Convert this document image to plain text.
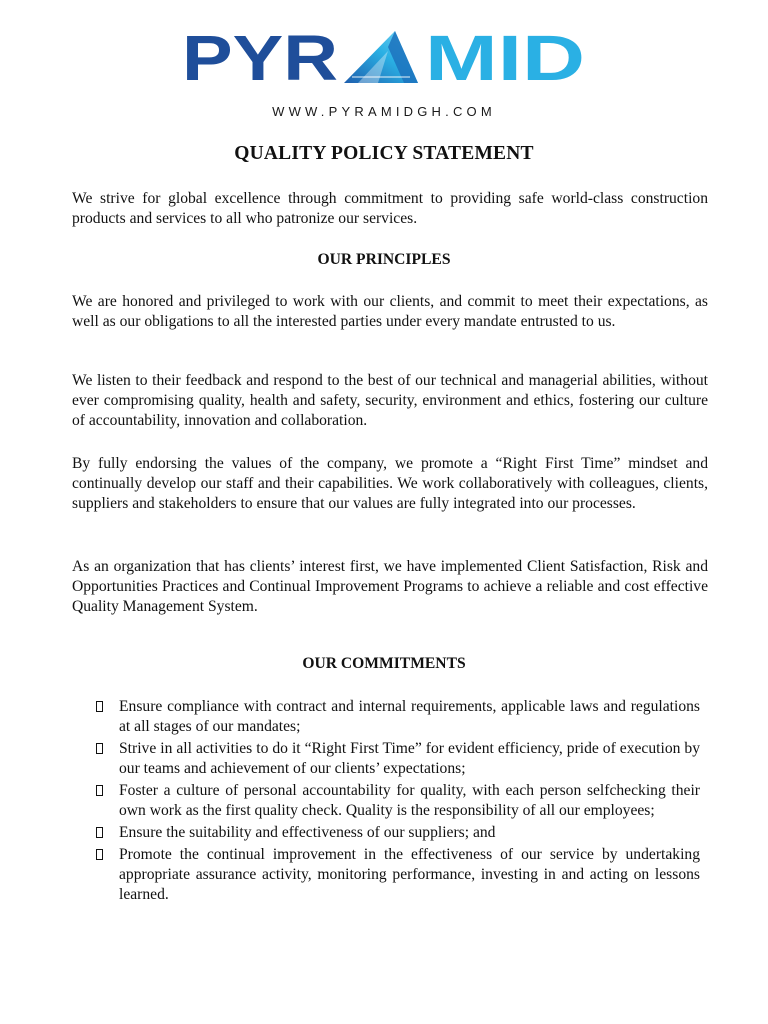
PYR MID
WWW.PYRAMIDGH.COM
QUALITY POLICY STATEMENT

We strive for global excellence through commitment to providing safe world-class construction products and services to all who patronize our services.

OUR PRINCIPLES

We are honored and privileged to work with our clients, and commit to meet their expectations, as well as our obligations to all the interested parties under every mandate entrusted to us.

We listen to their feedback and respond to the best of our technical and managerial abilities, without ever compromising quality, health and safety, security, environment and ethics, fostering our culture of accountability, innovation and collaboration.

By fully endorsing the values of the company, we promote a “Right First Time” mindset and continually develop our staff and their capabilities. We work collaboratively with colleagues, clients, suppliers and stakeholders to ensure that our values are fully integrated into our processes.

As an organization that has clients’ interest first, we have implemented Client Satisfaction, Risk and Opportunities Practices and Continual Improvement Programs to achieve a reliable and cost effective Quality Management System.

OUR COMMITMENTS
Ensure compliance with contract and internal requirements, applicable laws and regulations at all stages of our mandates;
Strive in all activities to do it “Right First Time” for evident efficiency, pride of execution by our teams and achievement of our clients’ expectations;
Foster a culture of personal accountability for quality, with each person selfchecking their own work as the first quality check. Quality is the responsibility of all our employees;
Ensure the suitability and effectiveness of our suppliers; and
Promote the continual improvement in the effectiveness of our service by undertaking appropriate assurance activity, monitoring performance, investing in and acting on lessons learned.
